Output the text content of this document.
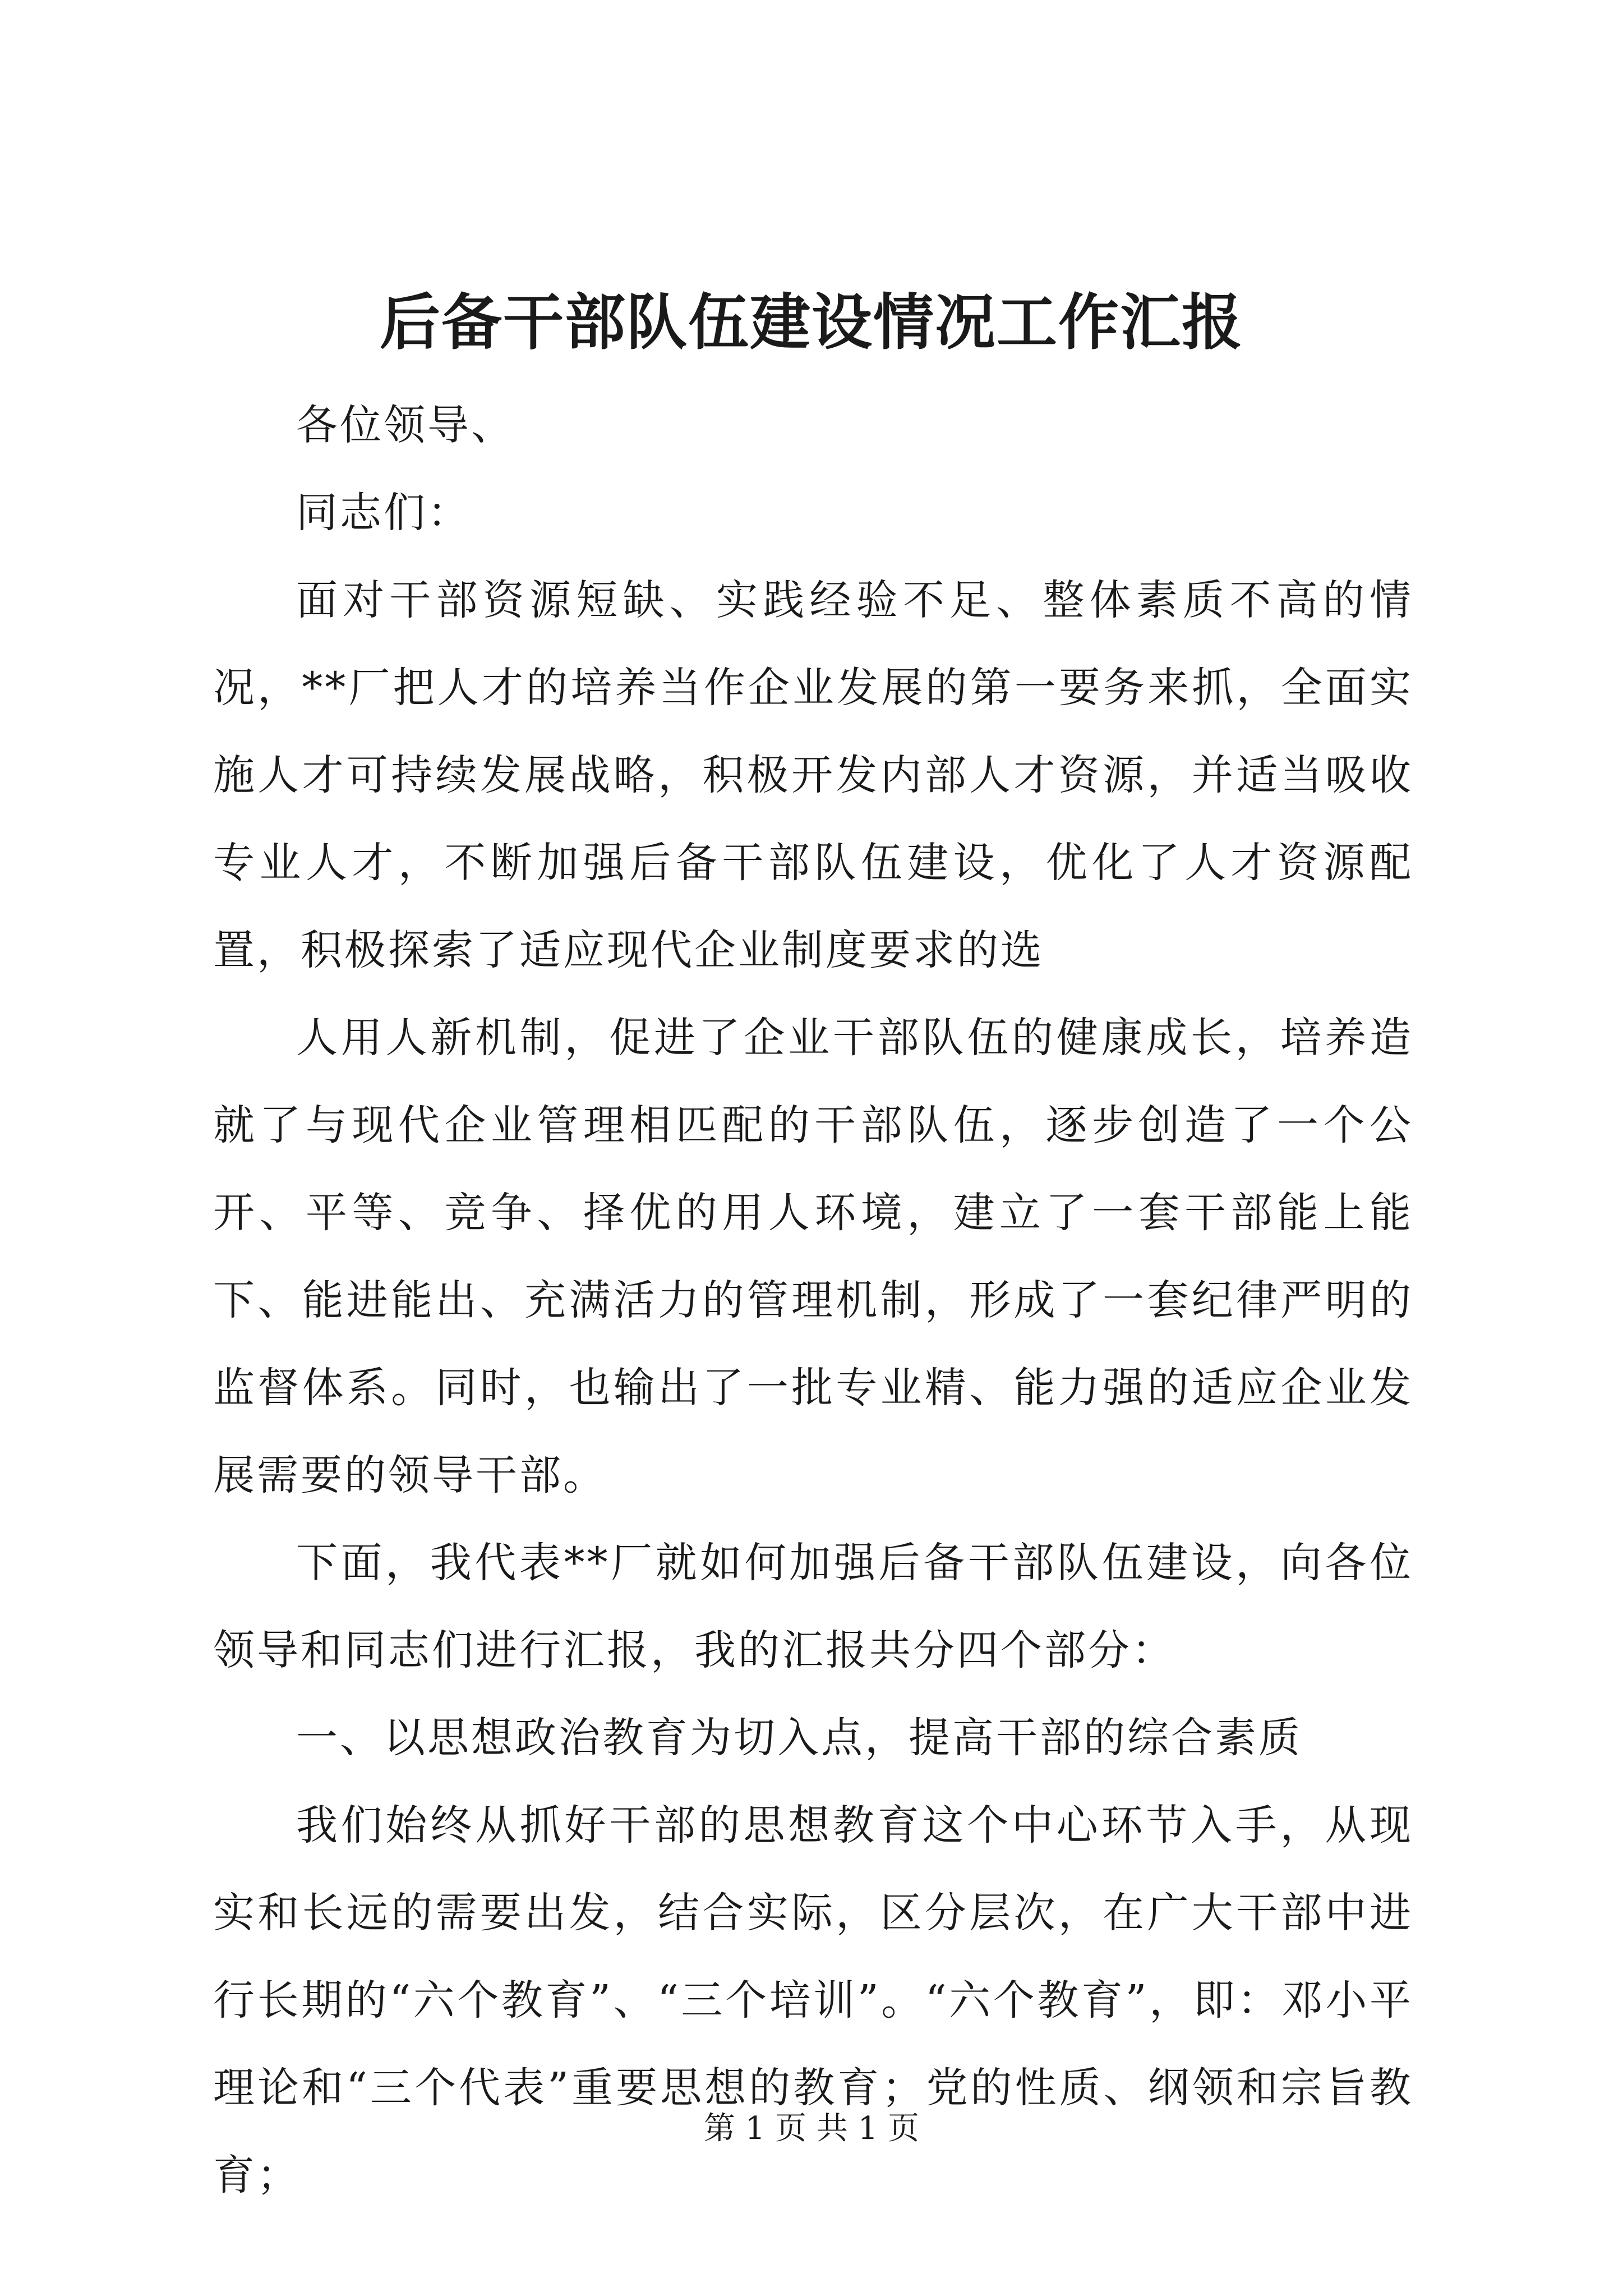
后备干部队伍建设情况工作汇报

各位领导、

同志们：

面对干部资源短缺、实践经验不足、整体素质不高的情况，**厂把人才的培养当作企业发展的第一要务来抓，全面实施人才可持续发展战略，积极开发内部人才资源，并适当吸收专业人才，不断加强后备干部队伍建设，优化了人才资源配置，积极探索了适应现代企业制度要求的选

人用人新机制，促进了企业干部队伍的健康成长，培养造就了与现代企业管理相匹配的干部队伍，逐步创造了一个公开、平等、竞争、择优的用人环境，建立了一套干部能上能下、能进能出、充满活力的管理机制，形成了一套纪律严明的监督体系。同时，也输出了一批专业精、能力强的适应企业发展需要的领导干部。

下面，我代表**厂就如何加强后备干部队伍建设，向各位领导和同志们进行汇报，我的汇报共分四个部分：

一、以思想政治教育为切入点，提高干部的综合素质

我们始终从抓好干部的思想教育这个中心环节入手，从现实和长远的需要出发，结合实际，区分层次，在广大干部中进行长期的“六个教育”、“三个培训”。“六个教育”，即：邓小平理论和“三个代表”重要思想的教育；党的性质、纲领和宗旨教育；

第 1 页 共 1 页
